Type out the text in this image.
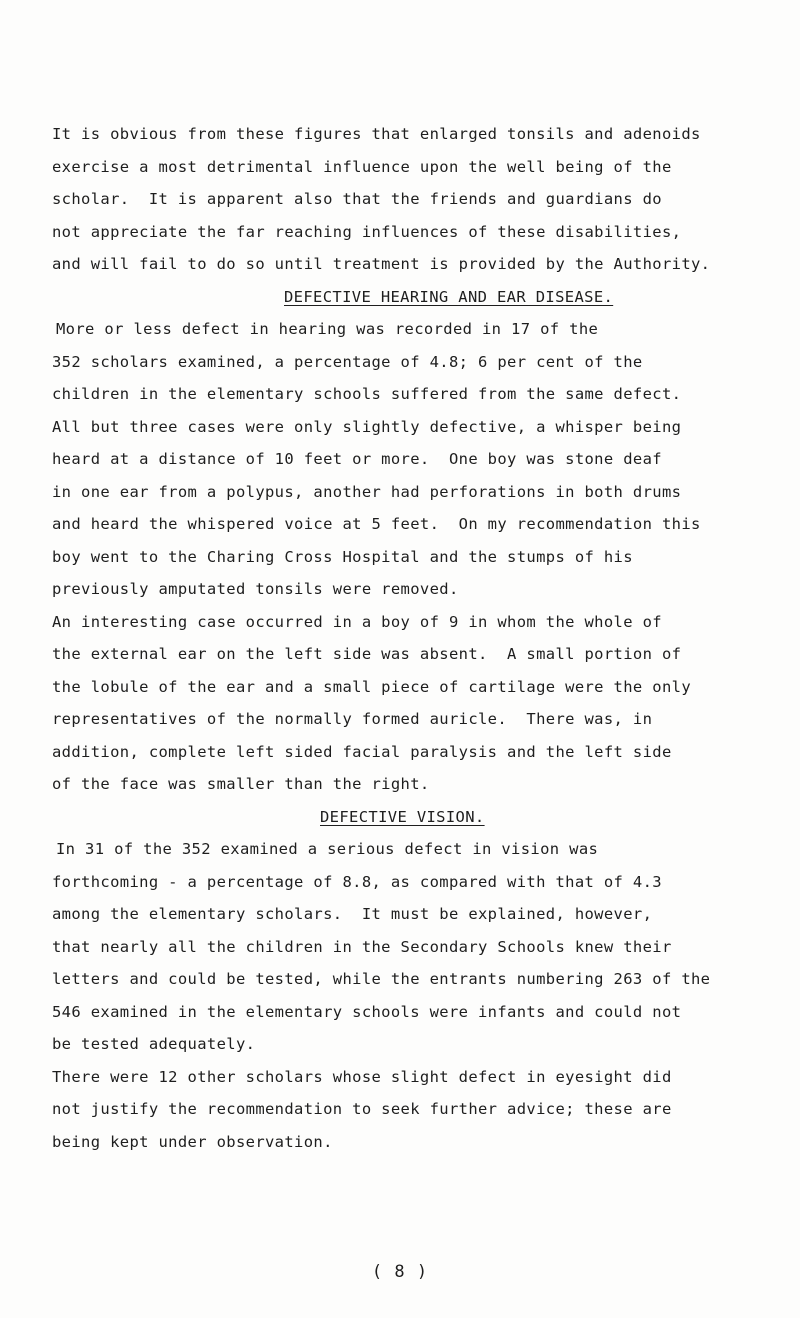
It is obvious from these figures that enlarged tonsils and adenoids
exercise a most detrimental influence upon the well being of the
scholar.  It is apparent also that the friends and guardians do
not appreciate the far reaching influences of these disabilities,
and will fail to do so until treatment is provided by the Authority.
DEFECTIVE HEARING AND EAR DISEASE.
More or less defect in hearing was recorded in 17 of the
352 scholars examined, a percentage of 4.8; 6 per cent of the
children in the elementary schools suffered from the same defect.
All but three cases were only slightly defective, a whisper being
heard at a distance of 10 feet or more.  One boy was stone deaf
in one ear from a polypus, another had perforations in both drums
and heard the whispered voice at 5 feet.  On my recommendation this
boy went to the Charing Cross Hospital and the stumps of his
previously amputated tonsils were removed.
An interesting case occurred in a boy of 9 in whom the whole of
the external ear on the left side was absent.  A small portion of
the lobule of the ear and a small piece of cartilage were the only
representatives of the normally formed auricle.  There was, in
addition, complete left sided facial paralysis and the left side
of the face was smaller than the right.
DEFECTIVE VISION.
In 31 of the 352 examined a serious defect in vision was
forthcoming - a percentage of 8.8, as compared with that of 4.3
among the elementary scholars.  It must be explained, however,
that nearly all the children in the Secondary Schools knew their
letters and could be tested, while the entrants numbering 263 of the
546 examined in the elementary schools were infants and could not
be tested adequately.
There were 12 other scholars whose slight defect in eyesight did
not justify the recommendation to seek further advice; these are
being kept under observation.
( 8 )
